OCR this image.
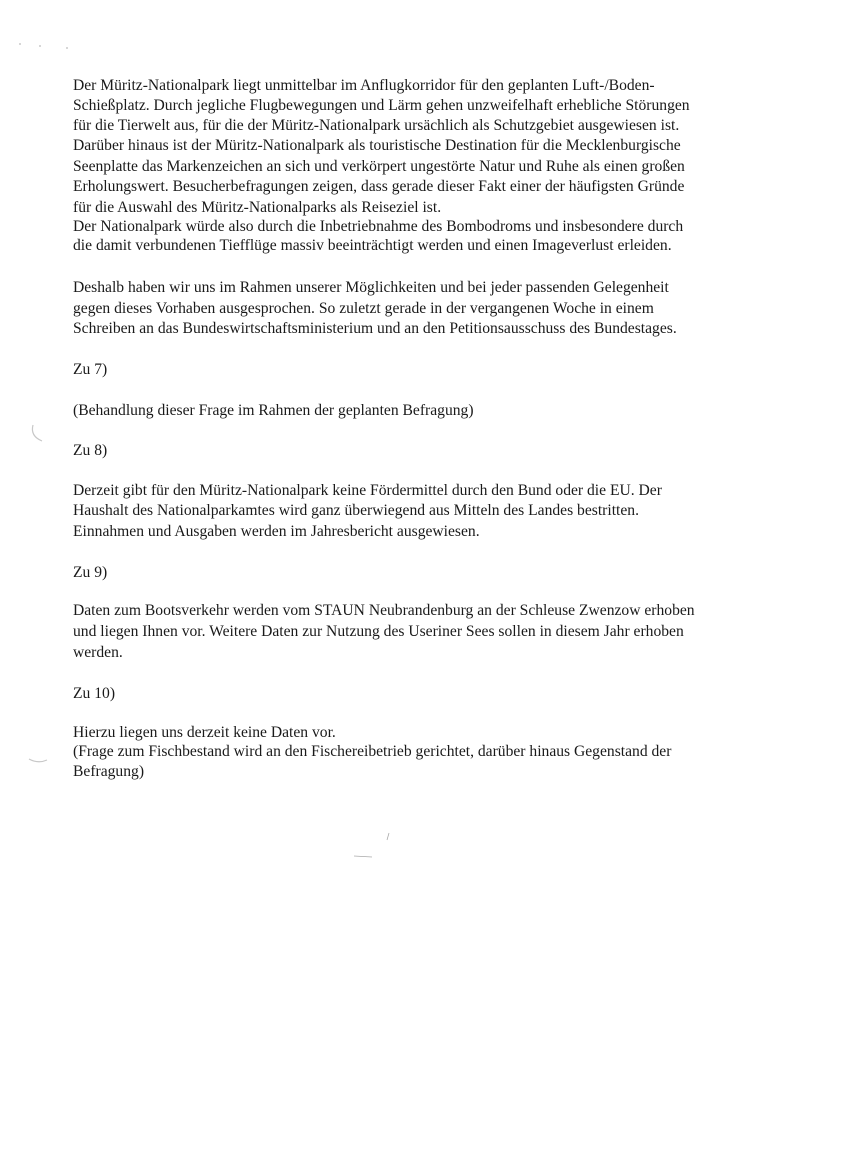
Der Müritz-Nationalpark liegt unmittelbar im Anflugkorridor für den geplanten Luft-/Boden-
Schießplatz. Durch jegliche Flugbewegungen und Lärm gehen unzweifelhaft erhebliche Störungen
für die Tierwelt aus, für die der Müritz-Nationalpark ursächlich als Schutzgebiet ausgewiesen ist.
Darüber hinaus ist der Müritz-Nationalpark als touristische Destination für die Mecklenburgische
Seenplatte das Markenzeichen an sich und verkörpert ungestörte Natur und Ruhe als einen großen
Erholungswert. Besucherbefragungen zeigen, dass gerade dieser Fakt einer der häufigsten Gründe
für die Auswahl des Müritz-Nationalparks als Reiseziel ist.
Der Nationalpark würde also durch die Inbetriebnahme des Bombodroms und insbesondere durch
die damit verbundenen Tiefflüge massiv beeinträchtigt werden und einen Imageverlust erleiden.
Deshalb haben wir uns im Rahmen unserer Möglichkeiten und bei jeder passenden Gelegenheit
gegen dieses Vorhaben ausgesprochen. So zuletzt gerade in der vergangenen Woche in einem
Schreiben an das Bundeswirtschaftsministerium und an den Petitionsausschuss des Bundestages.
Zu 7)
(Behandlung dieser Frage im Rahmen der geplanten Befragung)
Zu 8)
Derzeit gibt für den Müritz-Nationalpark keine Fördermittel durch den Bund oder die EU. Der
Haushalt des Nationalparkamtes wird ganz überwiegend aus Mitteln des Landes bestritten.
Einnahmen und Ausgaben werden im Jahresbericht ausgewiesen.
Zu 9)
Daten zum Bootsverkehr werden vom STAUN Neubrandenburg an der Schleuse Zwenzow erhoben
und liegen Ihnen vor. Weitere Daten zur Nutzung des Useriner Sees sollen in diesem Jahr erhoben
werden.
Zu 10)
Hierzu liegen uns derzeit keine Daten vor.
(Frage zum Fischbestand wird an den Fischereibetrieb gerichtet, darüber hinaus Gegenstand der
Befragung)
